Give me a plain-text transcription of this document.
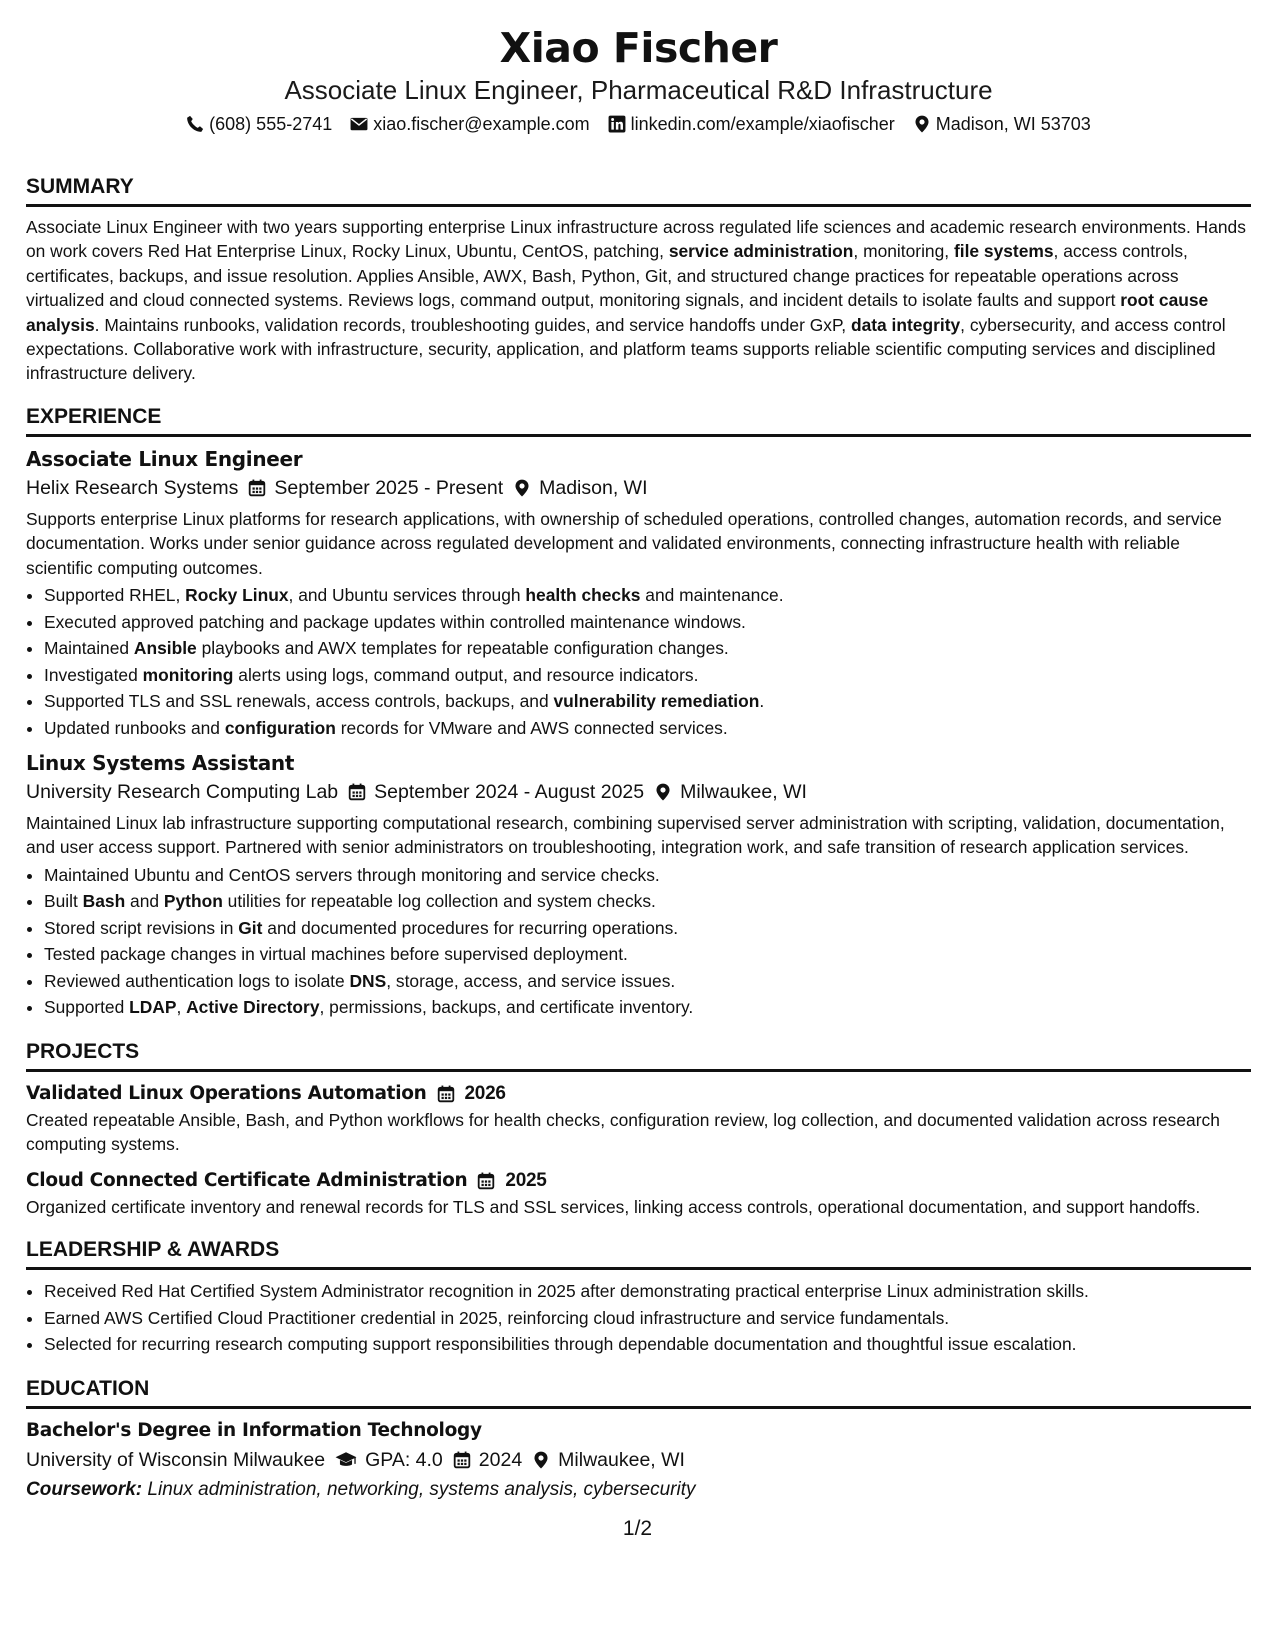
Xiao Fischer
Associate Linux Engineer, Pharmaceutical R&D Infrastructure
(608) 555-2741 xiao.fischer@example.com linkedin.com/example/xiaofischer Madison, WI 53703
SUMMARY
Associate Linux Engineer with two years supporting enterprise Linux infrastructure across regulated life sciences and academic research environments. Hands on work covers Red Hat Enterprise Linux, Rocky Linux, Ubuntu, CentOS, patching, service administration, monitoring, file systems, access controls, certificates, backups, and issue resolution. Applies Ansible, AWX, Bash, Python, Git, and structured change practices for repeatable operations across virtualized and cloud connected systems. Reviews logs, command output, monitoring signals, and incident details to isolate faults and support root cause analysis. Maintains runbooks, validation records, troubleshooting guides, and service handoffs under GxP, data integrity, cybersecurity, and access control expectations. Collaborative work with infrastructure, security, application, and platform teams supports reliable scientific computing services and disciplined infrastructure delivery.
EXPERIENCE
Associate Linux Engineer
Helix Research Systems September 2025 - Present Madison, WI
Supports enterprise Linux platforms for research applications, with ownership of scheduled operations, controlled changes, automation records, and service documentation. Works under senior guidance across regulated development and validated environments, connecting infrastructure health with reliable scientific computing outcomes.
• Supported RHEL, Rocky Linux, and Ubuntu services through health checks and maintenance.
• Executed approved patching and package updates within controlled maintenance windows.
• Maintained Ansible playbooks and AWX templates for repeatable configuration changes.
• Investigated monitoring alerts using logs, command output, and resource indicators.
• Supported TLS and SSL renewals, access controls, backups, and vulnerability remediation.
• Updated runbooks and configuration records for VMware and AWS connected services.
Linux Systems Assistant
University Research Computing Lab September 2024 - August 2025 Milwaukee, WI
Maintained Linux lab infrastructure supporting computational research, combining supervised server administration with scripting, validation, documentation, and user access support. Partnered with senior administrators on troubleshooting, integration work, and safe transition of research application services.
• Maintained Ubuntu and CentOS servers through monitoring and service checks.
• Built Bash and Python utilities for repeatable log collection and system checks.
• Stored script revisions in Git and documented procedures for recurring operations.
• Tested package changes in virtual machines before supervised deployment.
• Reviewed authentication logs to isolate DNS, storage, access, and service issues.
• Supported LDAP, Active Directory, permissions, backups, and certificate inventory.
PROJECTS
Validated Linux Operations Automation 2026
Created repeatable Ansible, Bash, and Python workflows for health checks, configuration review, log collection, and documented validation across research computing systems.
Cloud Connected Certificate Administration 2025
Organized certificate inventory and renewal records for TLS and SSL services, linking access controls, operational documentation, and support handoffs.
LEADERSHIP & AWARDS
• Received Red Hat Certified System Administrator recognition in 2025 after demonstrating practical enterprise Linux administration skills.
• Earned AWS Certified Cloud Practitioner credential in 2025, reinforcing cloud infrastructure and service fundamentals.
• Selected for recurring research computing support responsibilities through dependable documentation and thoughtful issue escalation.
EDUCATION
Bachelor's Degree in Information Technology
University of Wisconsin Milwaukee GPA: 4.0 2024 Milwaukee, WI
Coursework: Linux administration, networking, systems analysis, cybersecurity
1/2
